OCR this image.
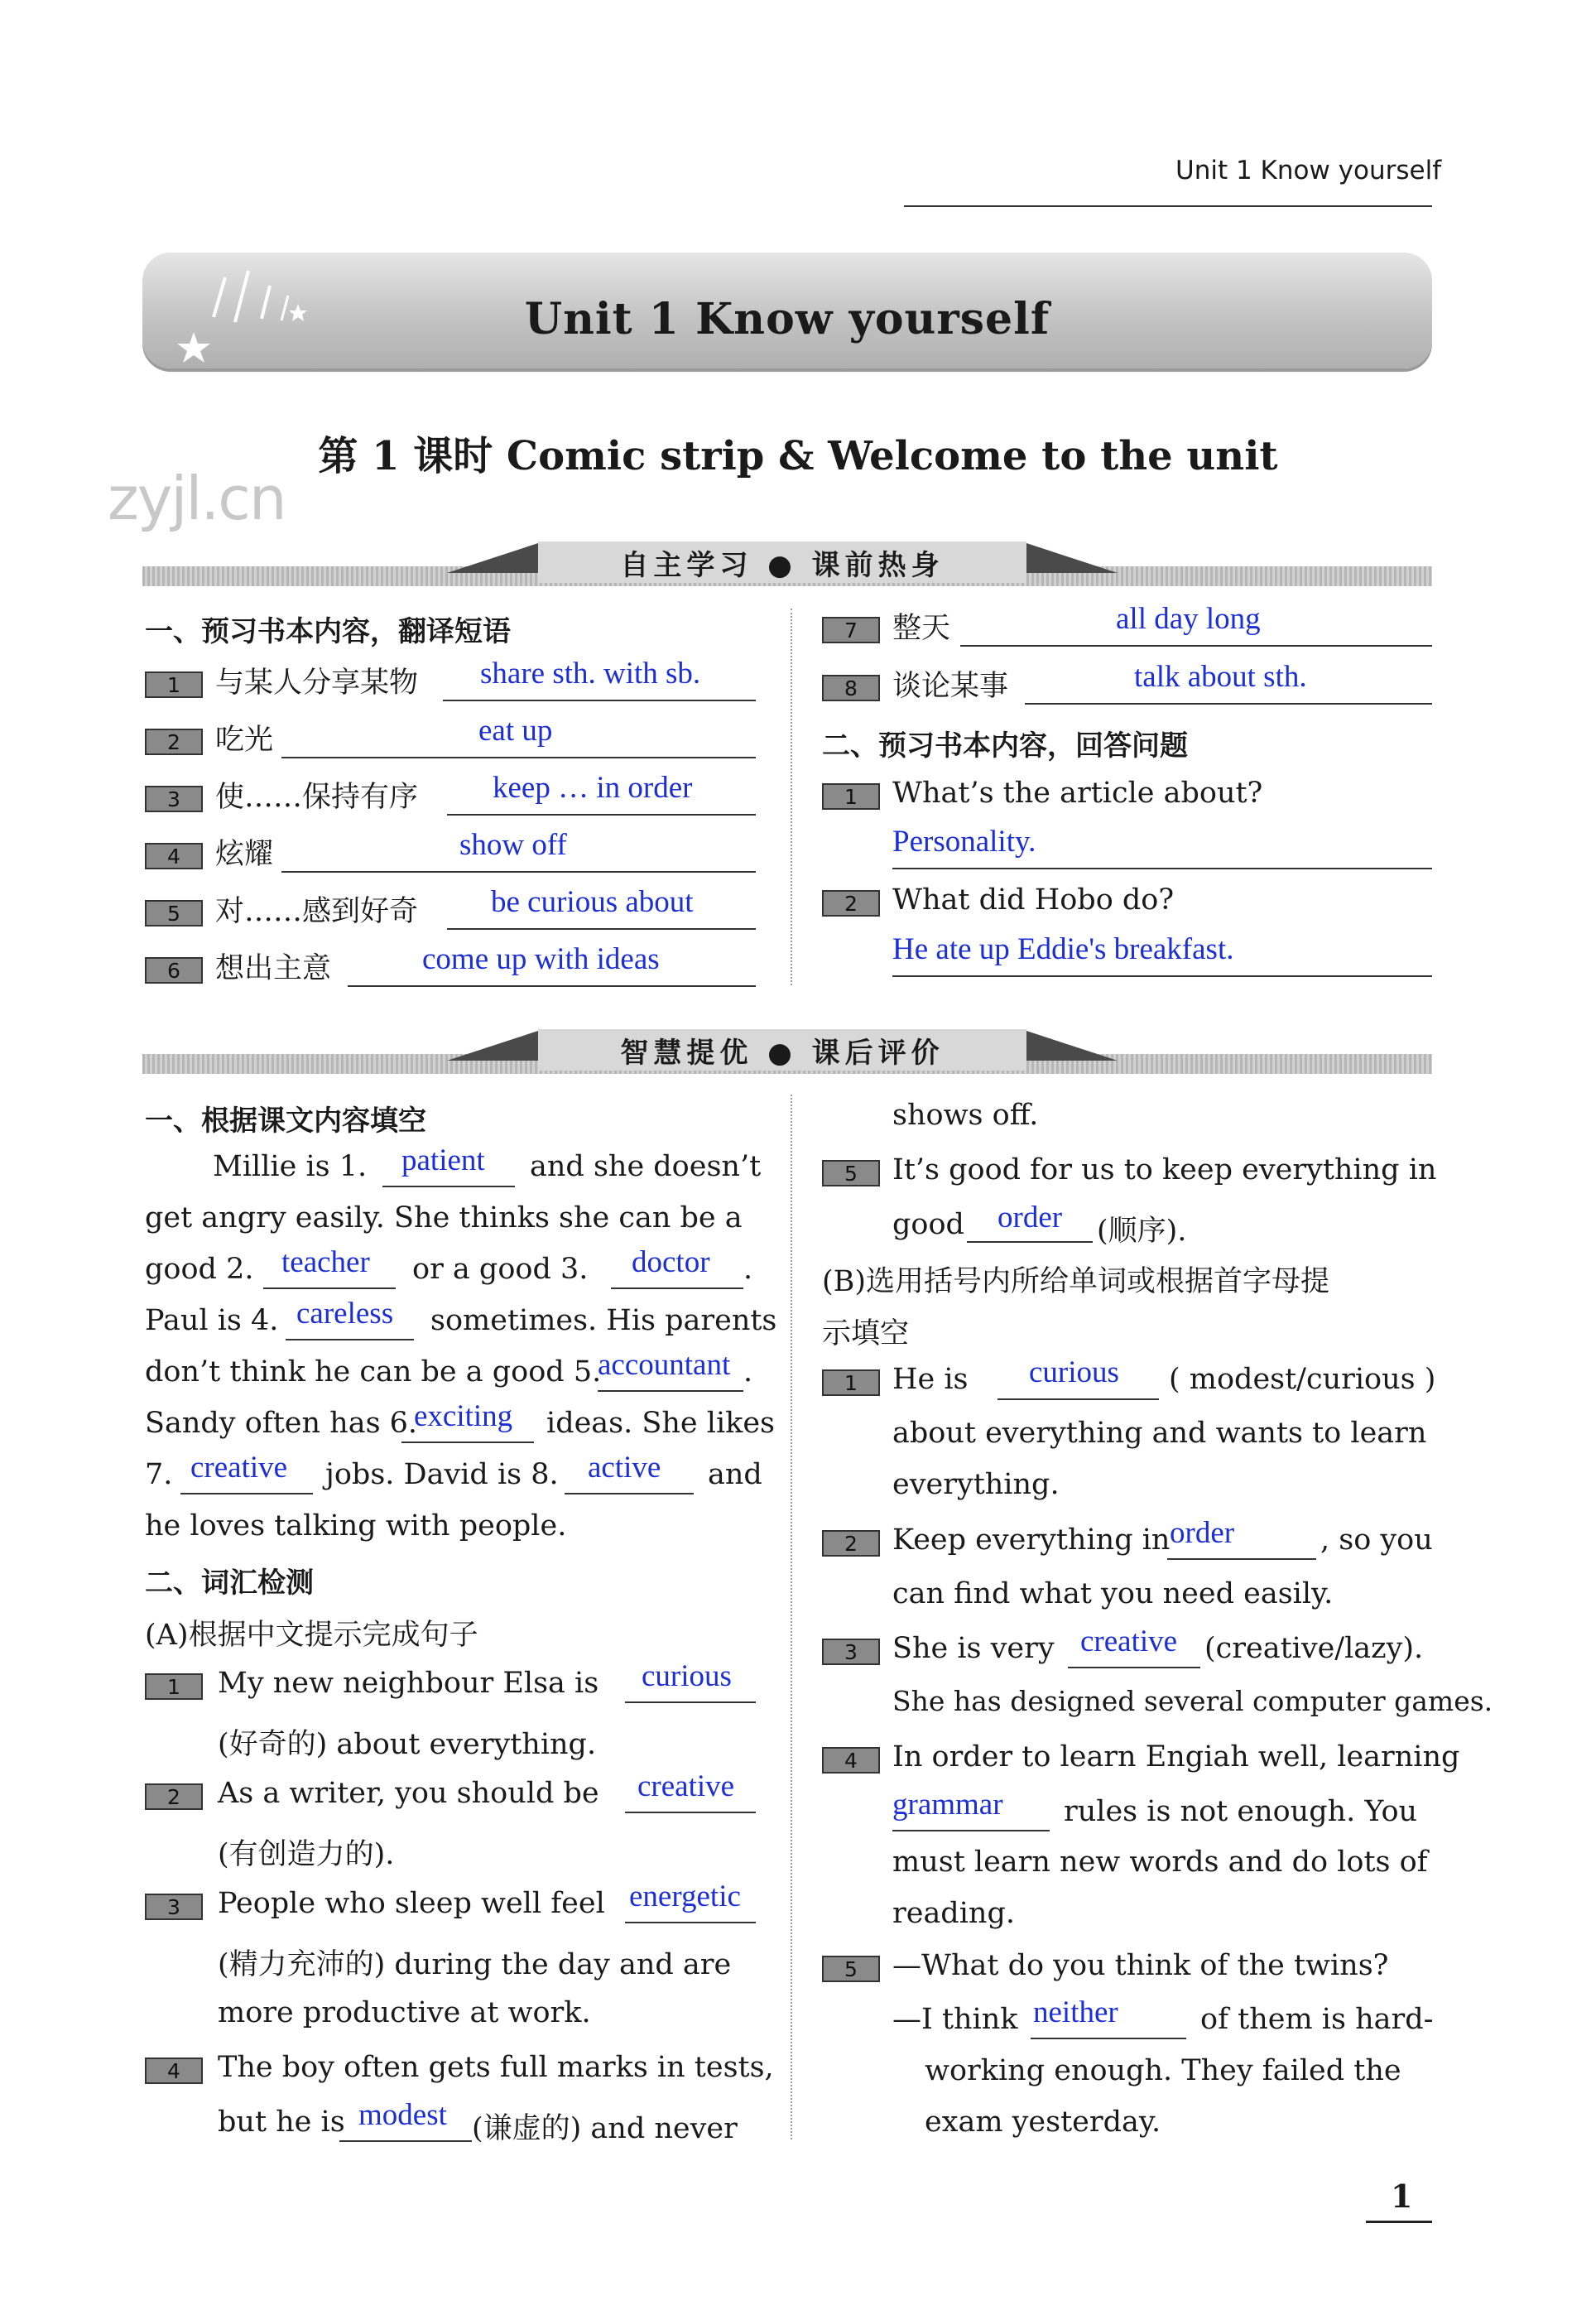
Unit 1 Know yourself
Unit 1 Know yourself
zyjl.cn
第 1 课时 Comic strip & Welcome to the unit
自主学习 ● 课前热身
一、预习书本内容，翻译短语
1	与某人分享某物 share sth. with sb.
2	吃光	eat up
3	使……保持有序 keep … in order
4	炫耀	show off
5	对……感到好奇 be curious about
6	想出主意	come up with ideas
7	整天	all day long
8	谈论某事	talk about sth.
二、预习书本内容，回答问题
1	What’s the article about?
Personality.
2	What did Hobo do?
He ate up Eddie's breakfast.
智慧提优 ● 课后评价
一、根据课文内容填空
Millie is 1. patient and she doesn’t
get angry easily. She thinks she can be a
good 2. teacher or a good 3. doctor .
Paul is 4. careless sometimes. His parents
don’t think he can be a good 5.
accountant .
Sandy often has 6.
exciting ideas. She likes
7. creative jobs. David is 8. active and
he loves talking with people.
二、词汇检测
(A)根据中文提示完成句子
1	My new neighbour Elsa is curious
(好奇的) about everything.
2	As a writer, you should be creative
(有创造力的).
3	People who sleep well feel energetic
(精力充沛的) during the day and are
more productive at work.
4	The boy often gets full marks in tests,
but he is modest (谦虚的) and never
shows off.
5	It’s good for us to keep everything in
good order (顺序).
(B)选用括号内所给单词或根据首字母提
示填空
1	He is curious ( modest/curious )
about everything and wants to learn
everything.
2	Keep everything in order	, so you
can find what you need easily.
3	She is very creative (creative/lazy).
She has designed several computer games.
4	In order to learn Engiah well, learning
grammar rules is not enough. You
must learn new words and do lots of
reading.
5	—What do you think of the twins?
—I think neither	of them is hard-
working enough. They failed the
exam yesterday.
1
